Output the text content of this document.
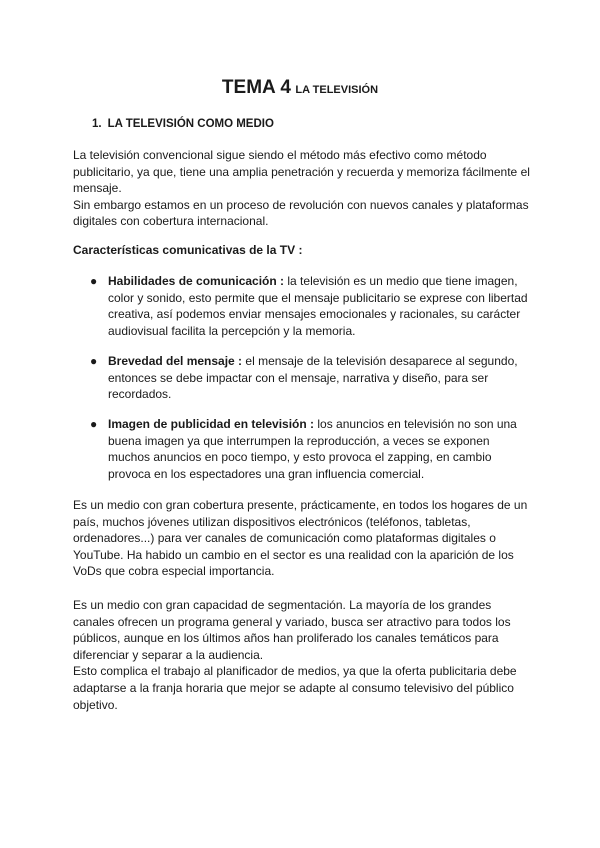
TEMA 4 LA TELEVISIÓN
1. LA TELEVISIÓN COMO MEDIO

La televisión convencional sigue siendo el método más efectivo como método publicitario, ya que, tiene una amplia penetración y recuerda y memoriza fácilmente el mensaje.

Sin embargo estamos en un proceso de revolución con nuevos canales y plataformas digitales con cobertura internacional.

Características comunicativas de la TV :
● Habilidades de comunicación : la televisión es un medio que tiene imagen, color y sonido, esto permite que el mensaje publicitario se exprese con libertad creativa, así podemos enviar mensajes emocionales y racionales, su carácter audiovisual facilita la percepción y la memoria.
● Brevedad del mensaje : el mensaje de la televisión desaparece al segundo, entonces se debe impactar con el mensaje, narrativa y diseño, para ser recordados.
● Imagen de publicidad en televisión : los anuncios en televisión no son una buena imagen ya que interrumpen la reproducción, a veces se exponen muchos anuncios en poco tiempo, y esto provoca el zapping, en cambio provoca en los espectadores una gran influencia comercial.

Es un medio con gran cobertura presente, prácticamente, en todos los hogares de un país, muchos jóvenes utilizan dispositivos electrónicos (teléfonos, tabletas, ordenadores...) para ver canales de comunicación como plataformas digitales o YouTube. Ha habido un cambio en el sector es una realidad con la aparición de los VoDs que cobra especial importancia.

Es un medio con gran capacidad de segmentación. La mayoría de los grandes canales ofrecen un programa general y variado, busca ser atractivo para todos los públicos, aunque en los últimos años han proliferado los canales temáticos para diferenciar y separar a la audiencia.

Esto complica el trabajo al planificador de medios, ya que la oferta publicitaria debe adaptarse a la franja horaria que mejor se adapte al consumo televisivo del público objetivo.
